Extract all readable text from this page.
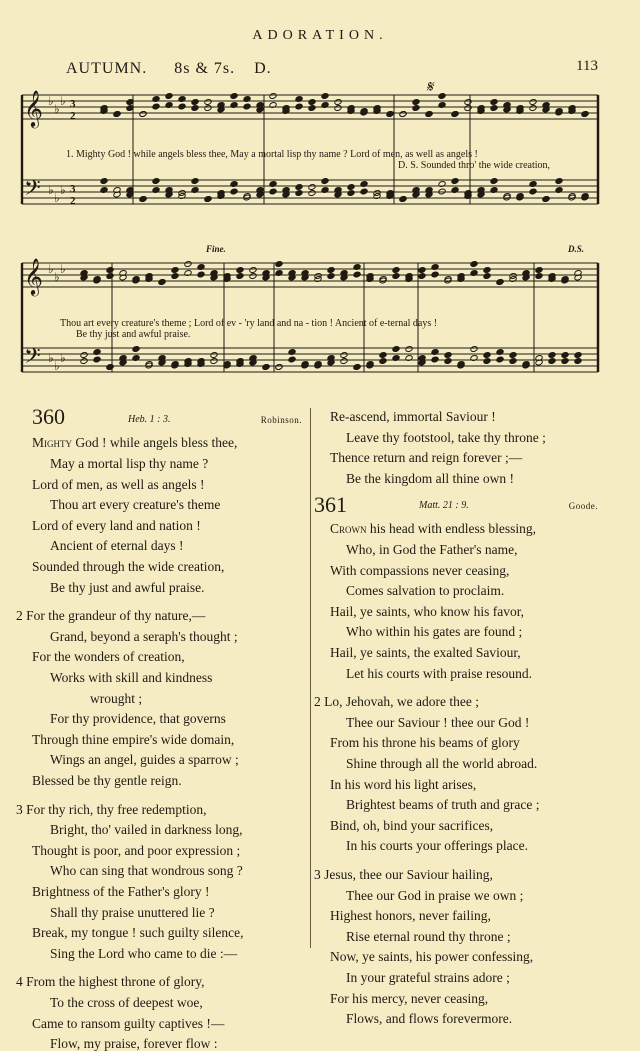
ADORATION.
113
AUTUMN. 8s & 7s. D.
𝄞
𝄢
♭
♭
♭
♭
♭
♭
3
2
3
2
𝄞
𝄢
♭
♭
♭
♭
♭
♭
𝄋
1. Mighty God ! while angels bless thee, May a mortal lisp thy name ? Lord of men, as well as angels !
D. S. Sounded thro' the wide creation,
Fine.	D.S.
Thou art every creature's theme ; Lord of ev - 'ry land and na - tion ! Ancient of e-ternal days !
Be thy just and awful praise.
360	Heb. 1 : 3.	Robinson.
Mighty God ! while angels bless thee,
May a mortal lisp thy name ?
Lord of men, as well as angels !
Thou art every creature's theme
Lord of every land and nation !
Ancient of eternal days !
Sounded through the wide creation,
Be thy just and awful praise.
2 For the grandeur of thy nature,—
Grand, beyond a seraph's thought ;
For the wonders of creation,
Works with skill and kindness
wrought ;
For thy providence, that governs
Through thine empire's wide domain,
Wings an angel, guides a sparrow ;
Blessed be thy gentle reign.
3 For thy rich, thy free redemption,
Bright, tho' vailed in darkness long,
Thought is poor, and poor expression ;
Who can sing that wondrous song ?
Brightness of the Father's glory !
Shall thy praise unuttered lie ?
Break, my tongue ! such guilty silence,
Sing the Lord who came to die :—
4 From the highest throne of glory,
To the cross of deepest woe,
Came to ransom guilty captives !—
Flow, my praise, forever flow :
Re-ascend, immortal Saviour !
Leave thy footstool, take thy throne ;
Thence return and reign forever ;—
Be the kingdom all thine own !
361	Matt. 21 : 9.	Goode.
Crown his head with endless blessing,
Who, in God the Father's name,
With compassions never ceasing,
Comes salvation to proclaim.
Hail, ye saints, who know his favor,
Who within his gates are found ;
Hail, ye saints, the exalted Saviour,
Let his courts with praise resound.
2 Lo, Jehovah, we adore thee ;
Thee our Saviour ! thee our God !
From his throne his beams of glory
Shine through all the world abroad.
In his word his light arises,
Brightest beams of truth and grace ;
Bind, oh, bind your sacrifices,
In his courts your offerings place.
3 Jesus, thee our Saviour hailing,
Thee our God in praise we own ;
Highest honors, never failing,
Rise eternal round thy throne ;
Now, ye saints, his power confessing,
In your grateful strains adore ;
For his mercy, never ceasing,
Flows, and flows forevermore.
